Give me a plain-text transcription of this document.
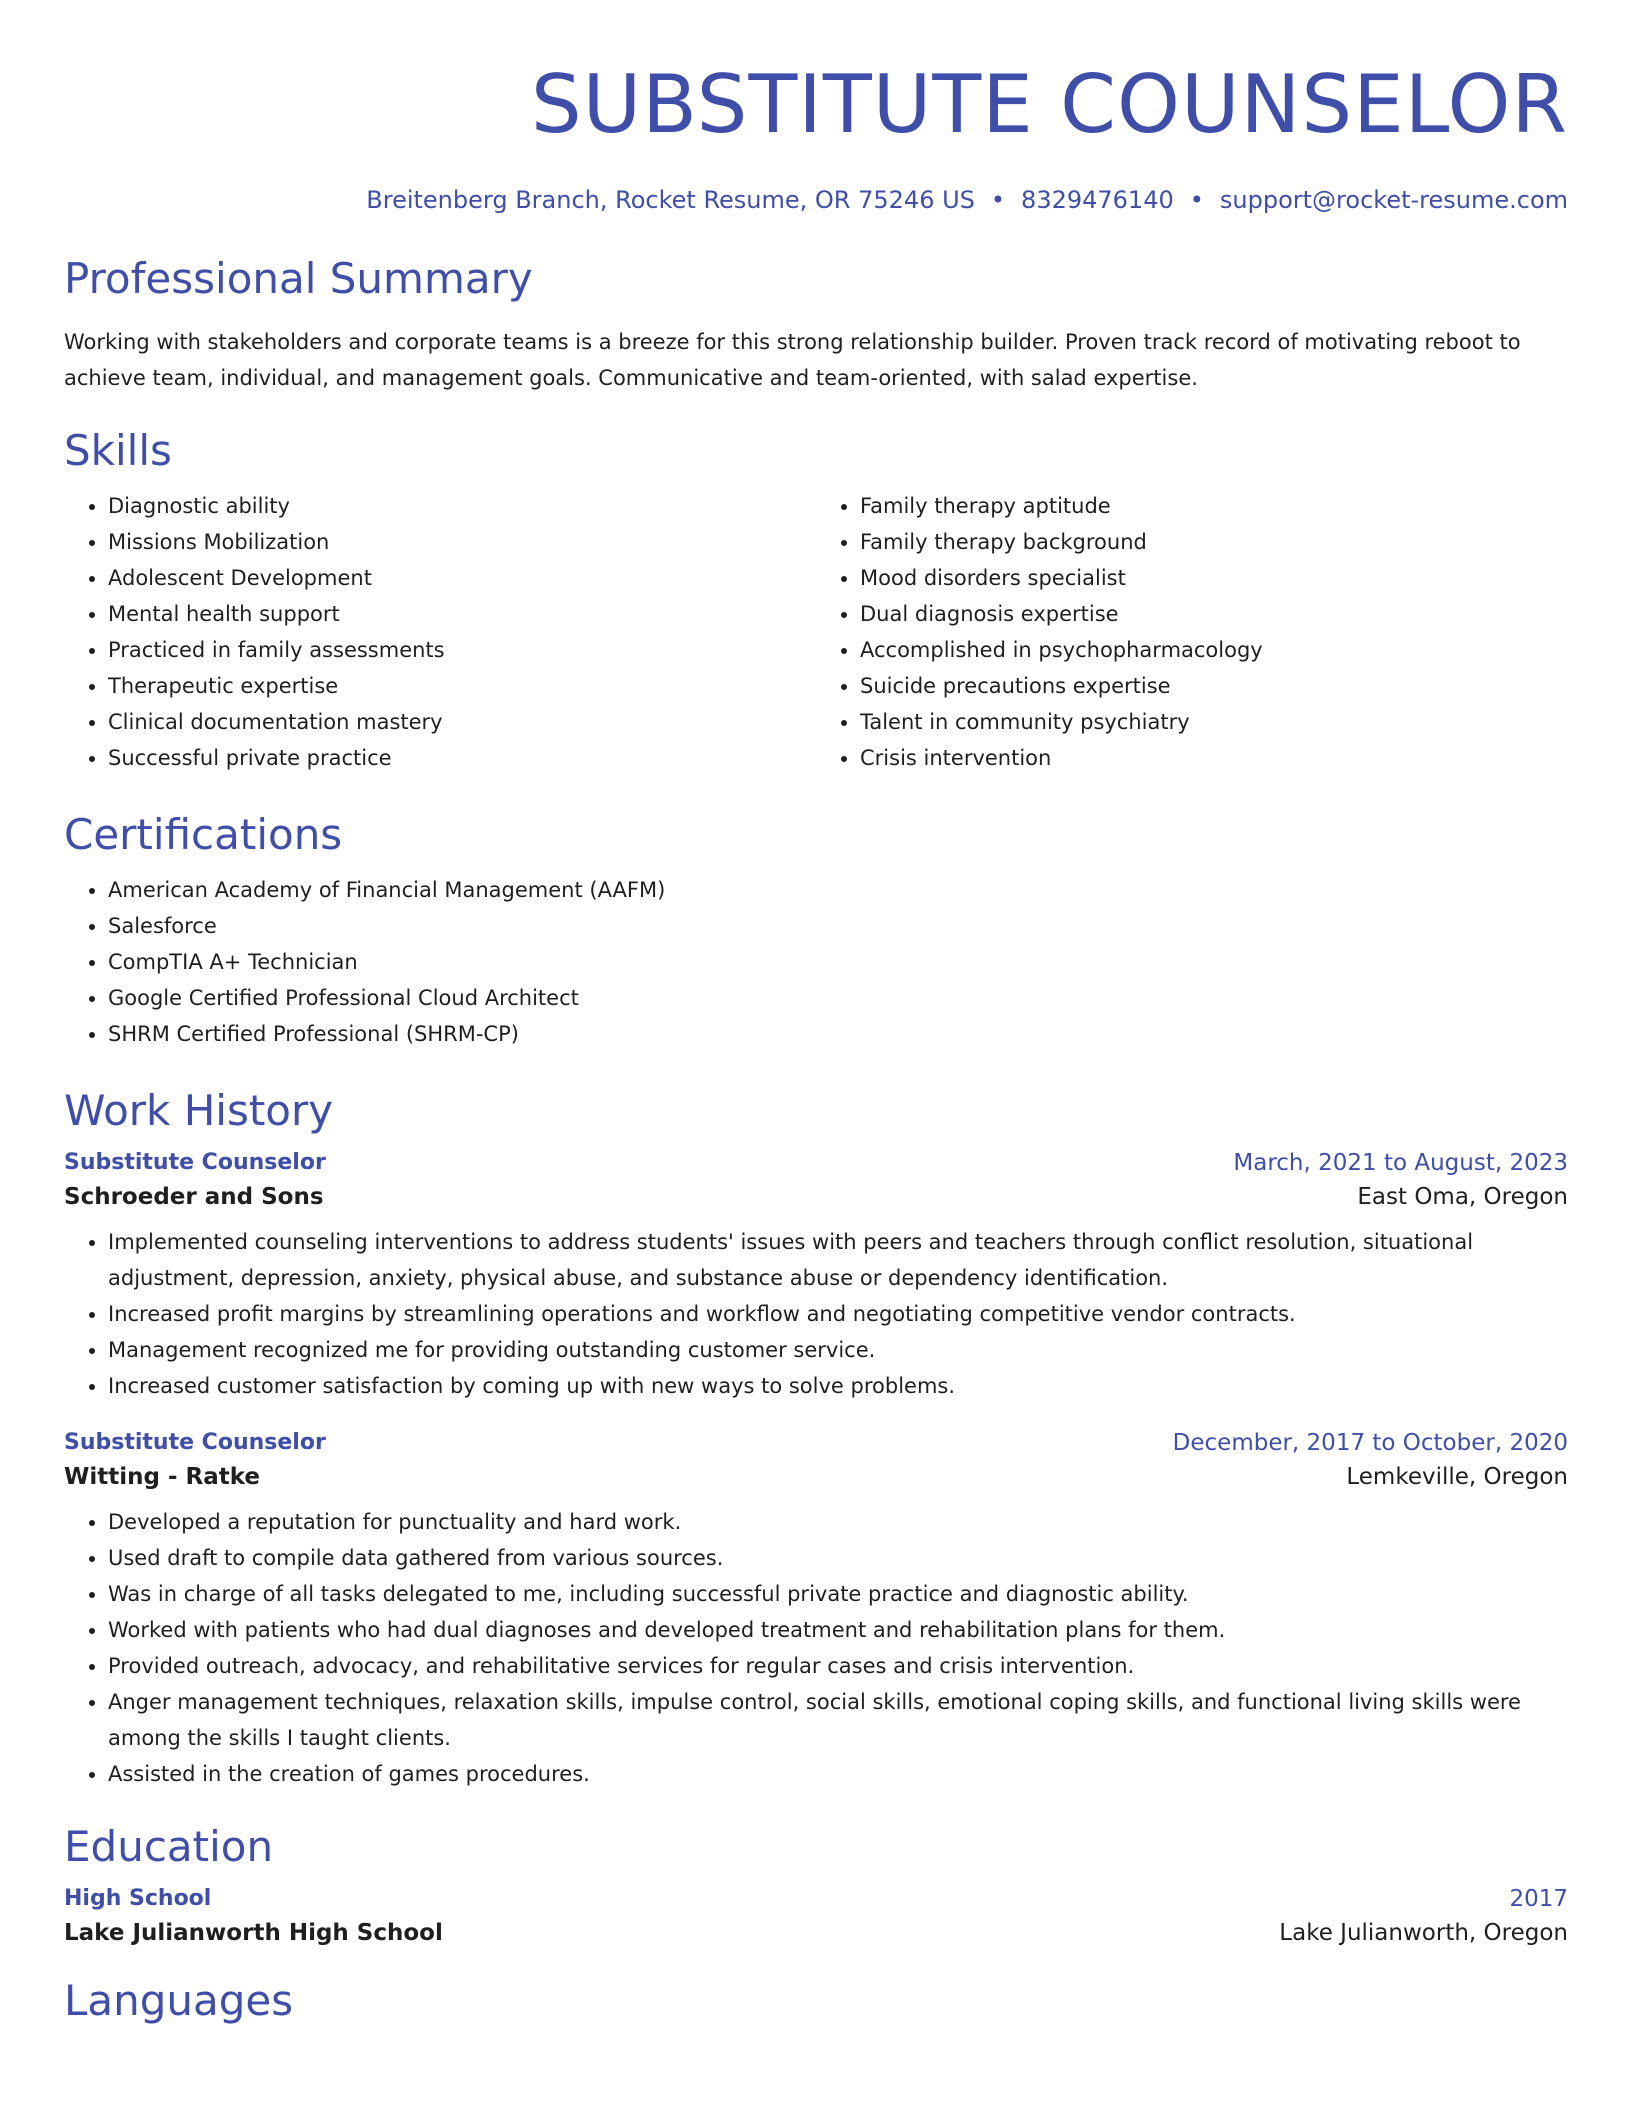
SUBSTITUTE COUNSELOR
Breitenberg Branch, Rocket Resume, OR 75246 US • 8329476140 • support@rocket-resume.com
Professional Summary
Working with stakeholders and corporate teams is a breeze for this strong relationship builder. Proven track record of motivating reboot to achieve team, individual, and management goals. Communicative and team-oriented, with salad expertise.
Skills
• Diagnostic ability
• Missions Mobilization
• Adolescent Development
• Mental health support
• Practiced in family assessments
• Therapeutic expertise
• Clinical documentation mastery
• Successful private practice
• Family therapy aptitude
• Family therapy background
• Mood disorders specialist
• Dual diagnosis expertise
• Accomplished in psychopharmacology
• Suicide precautions expertise
• Talent in community psychiatry
• Crisis intervention
Certifications
• American Academy of Financial Management (AAFM)
• Salesforce
• CompTIA A+ Technician
• Google Certified Professional Cloud Architect
• SHRM Certified Professional (SHRM-CP)
Work History
Substitute Counselor	March, 2021 to August, 2023
Schroeder and Sons	East Oma, Oregon
• Implemented counseling interventions to address students' issues with peers and teachers through conflict resolution, situational adjustment, depression, anxiety, physical abuse, and substance abuse or dependency identification.
• Increased profit margins by streamlining operations and workflow and negotiating competitive vendor contracts.
• Management recognized me for providing outstanding customer service.
• Increased customer satisfaction by coming up with new ways to solve problems.
Substitute Counselor	December, 2017 to October, 2020
Witting - Ratke	Lemkeville, Oregon
• Developed a reputation for punctuality and hard work.
• Used draft to compile data gathered from various sources.
• Was in charge of all tasks delegated to me, including successful private practice and diagnostic ability.
• Worked with patients who had dual diagnoses and developed treatment and rehabilitation plans for them.
• Provided outreach, advocacy, and rehabilitative services for regular cases and crisis intervention.
• Anger management techniques, relaxation skills, impulse control, social skills, emotional coping skills, and functional living skills were among the skills I taught clients.
• Assisted in the creation of games procedures.
Education
High School	2017
Lake Julianworth High School	Lake Julianworth, Oregon
Languages
